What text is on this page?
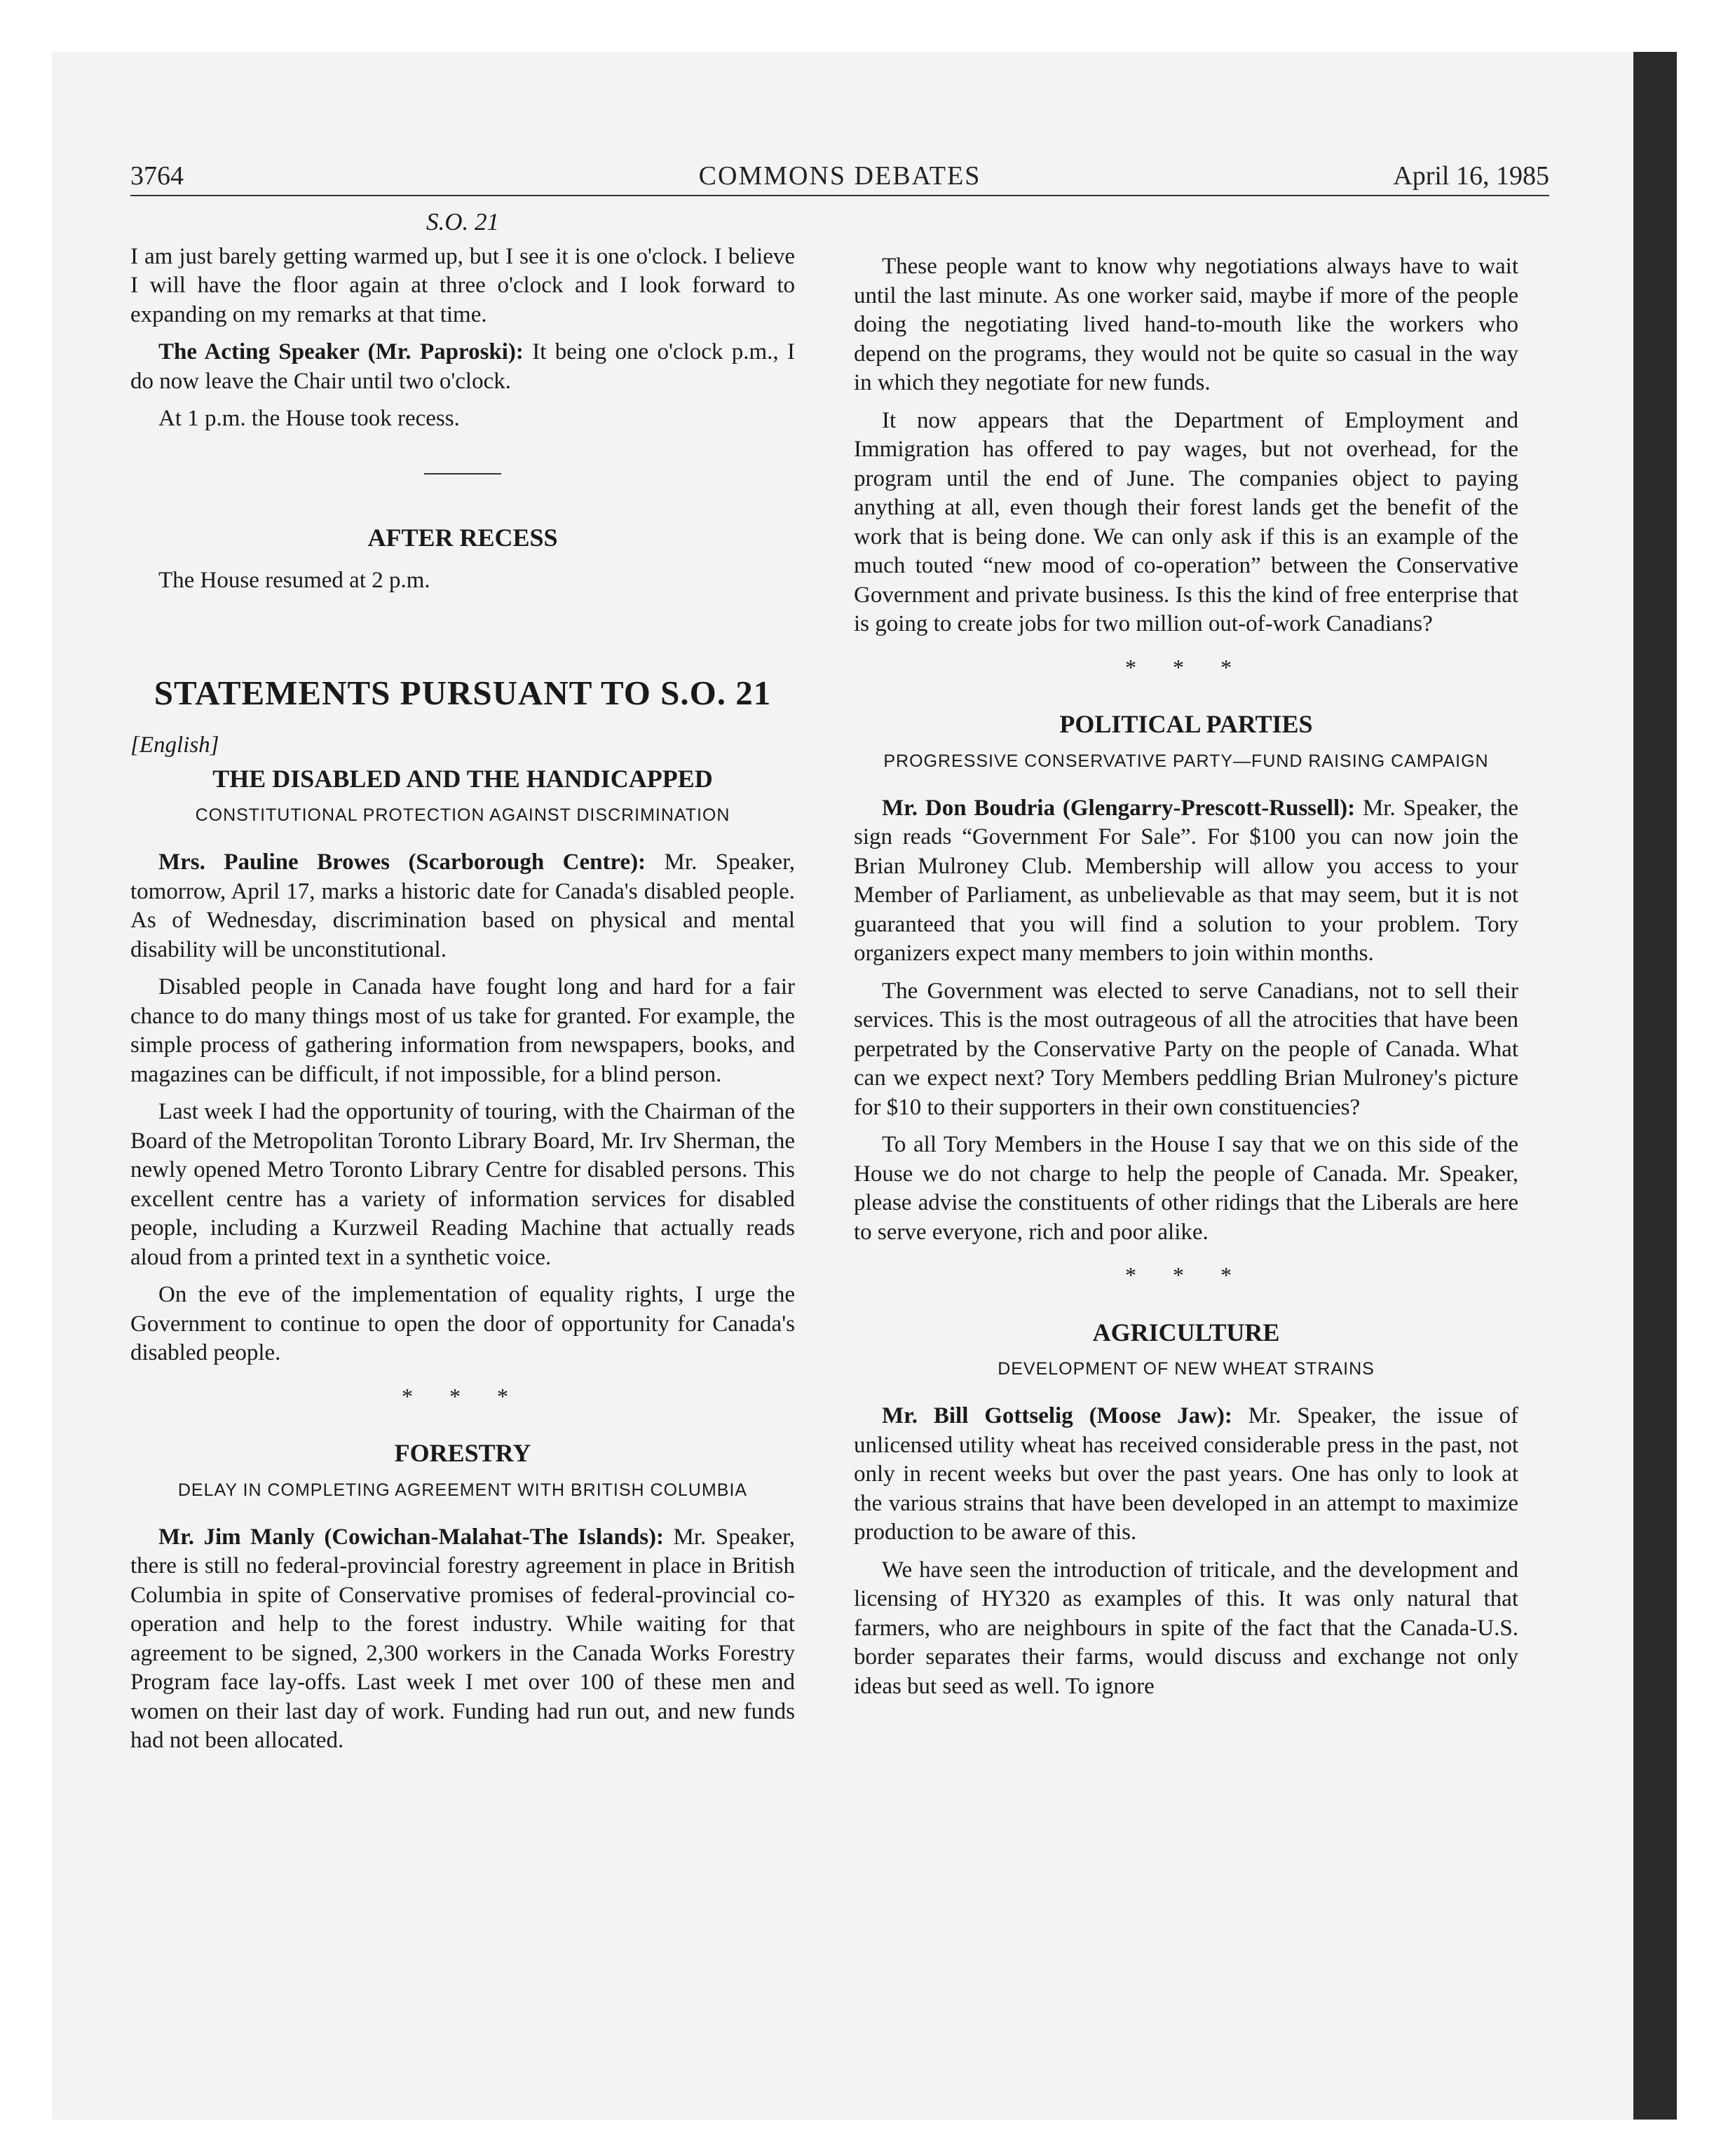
3764	COMMONS DEBATES	April 16, 1985
S.O. 21

I am just barely getting warmed up, but I see it is one o'clock. I believe I will have the floor again at three o'clock and I look forward to expanding on my remarks at that time.

The Acting Speaker (Mr. Paproski): It being one o'clock p.m., I do now leave the Chair until two o'clock.

At 1 p.m. the House took recess.

AFTER RECESS

The House resumed at 2 p.m.

STATEMENTS PURSUANT TO S.O. 21
[English]
THE DISABLED AND THE HANDICAPPED
CONSTITUTIONAL PROTECTION AGAINST DISCRIMINATION

Mrs. Pauline Browes (Scarborough Centre): Mr. Speaker, tomorrow, April 17, marks a historic date for Canada's disabled people. As of Wednesday, discrimination based on physical and mental disability will be unconstitutional.

Disabled people in Canada have fought long and hard for a fair chance to do many things most of us take for granted. For example, the simple process of gathering information from newspapers, books, and magazines can be difficult, if not impossible, for a blind person.

Last week I had the opportunity of touring, with the Chairman of the Board of the Metropolitan Toronto Library Board, Mr. Irv Sherman, the newly opened Metro Toronto Library Centre for disabled persons. This excellent centre has a variety of information services for disabled people, including a Kurzweil Reading Machine that actually reads aloud from a printed text in a synthetic voice.

On the eve of the implementation of equality rights, I urge the Government to continue to open the door of opportunity for Canada's disabled people.

* * *
FORESTRY
DELAY IN COMPLETING AGREEMENT WITH BRITISH COLUMBIA

Mr. Jim Manly (Cowichan-Malahat-The Islands): Mr. Speaker, there is still no federal-provincial forestry agreement in place in British Columbia in spite of Conservative promises of federal-provincial co-operation and help to the forest industry. While waiting for that agreement to be signed, 2,300 workers in the Canada Works Forestry Program face lay-offs. Last week I met over 100 of these men and women on their last day of work. Funding had run out, and new funds had not been allocated.

These people want to know why negotiations always have to wait until the last minute. As one worker said, maybe if more of the people doing the negotiating lived hand-to-mouth like the workers who depend on the programs, they would not be quite so casual in the way in which they negotiate for new funds.

It now appears that the Department of Employment and Immigration has offered to pay wages, but not overhead, for the program until the end of June. The companies object to paying anything at all, even though their forest lands get the benefit of the work that is being done. We can only ask if this is an example of the much touted “new mood of co-operation” between the Conservative Government and private business. Is this the kind of free enterprise that is going to create jobs for two million out-of-work Canadians?

* * *
POLITICAL PARTIES
PROGRESSIVE CONSERVATIVE PARTY—FUND RAISING CAMPAIGN

Mr. Don Boudria (Glengarry-Prescott-Russell): Mr. Speaker, the sign reads “Government For Sale”. For $100 you can now join the Brian Mulroney Club. Membership will allow you access to your Member of Parliament, as unbelievable as that may seem, but it is not guaranteed that you will find a solution to your problem. Tory organizers expect many members to join within months.

The Government was elected to serve Canadians, not to sell their services. This is the most outrageous of all the atrocities that have been perpetrated by the Conservative Party on the people of Canada. What can we expect next? Tory Members peddling Brian Mulroney's picture for $10 to their supporters in their own constituencies?

To all Tory Members in the House I say that we on this side of the House we do not charge to help the people of Canada. Mr. Speaker, please advise the constituents of other ridings that the Liberals are here to serve everyone, rich and poor alike.

* * *
AGRICULTURE
DEVELOPMENT OF NEW WHEAT STRAINS

Mr. Bill Gottselig (Moose Jaw): Mr. Speaker, the issue of unlicensed utility wheat has received considerable press in the past, not only in recent weeks but over the past years. One has only to look at the various strains that have been developed in an attempt to maximize production to be aware of this.

We have seen the introduction of triticale, and the development and licensing of HY320 as examples of this. It was only natural that farmers, who are neighbours in spite of the fact that the Canada-U.S. border separates their farms, would discuss and exchange not only ideas but seed as well. To ignore
